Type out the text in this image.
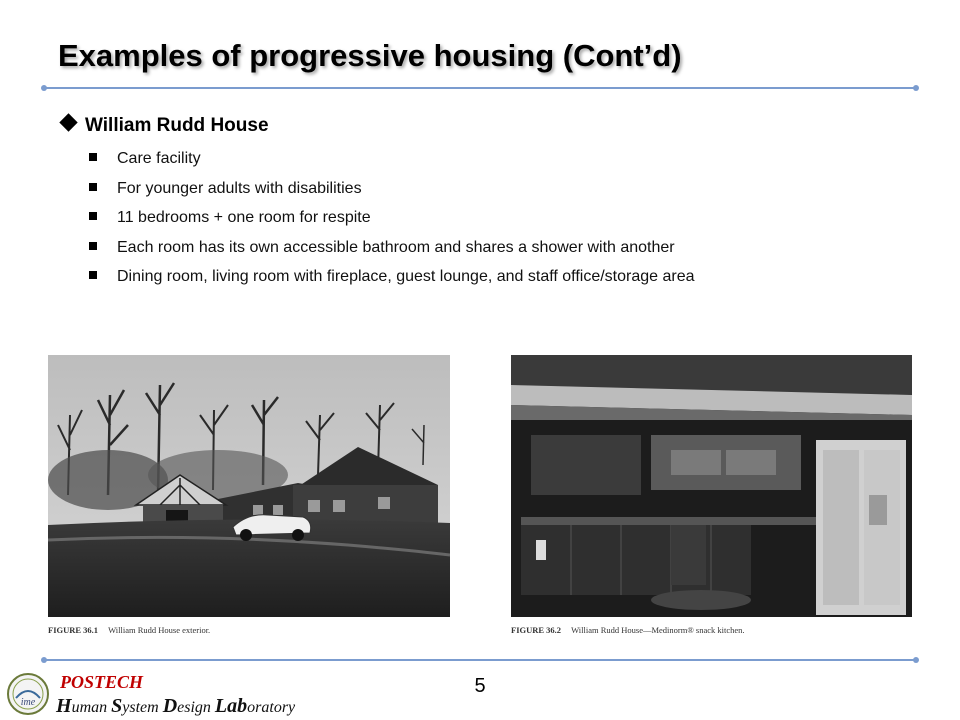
Examples of progressive housing (Cont’d)
William Rudd House
Care facility
For younger adults with disabilities
11 bedrooms + one room for respite
Each room has its own accessible bathroom and shares a shower with another
Dining room, living room with fireplace, guest lounge, and staff office/storage area
FIGURE 36.1 William Rudd House exterior.	FIGURE 36.2 William Rudd House—Medinorm® snack kitchen.
5
ime
POSTECH
Human System Design Laboratory
